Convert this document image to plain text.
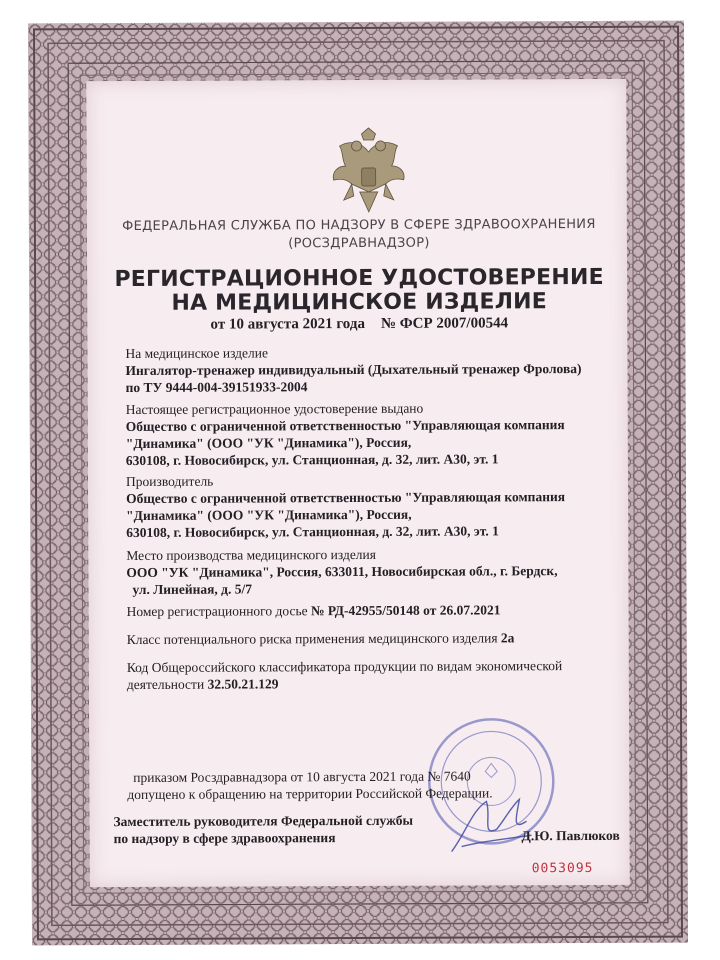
ФЕДЕРАЛЬНАЯ СЛУЖБА ПО НАДЗОРУ В СФЕРЕ ЗДРАВООХРАНЕНИЯ
(РОСЗДРАВНАДЗОР)
РЕГИСТРАЦИОННОЕ УДОСТОВЕРЕНИЕ
НА МЕДИЦИНСКОЕ ИЗДЕЛИЕ
от 10 августа 2021 года № ФСР 2007/00544
На медицинское изделие
Ингалятор-тренажер индивидуальный (Дыхательный тренажер Фролова)
по ТУ 9444-004-39151933-2004
Настоящее регистрационное удостоверение выдано
Общество с ограниченной ответственностью "Управляющая компания
"Динамика" (ООО "УК "Динамика"), Россия,
630108, г. Новосибирск, ул. Станционная, д. 32, лит. А30, эт. 1
Производитель
Общество с ограниченной ответственностью "Управляющая компания
"Динамика" (ООО "УК "Динамика"), Россия,
630108, г. Новосибирск, ул. Станционная, д. 32, лит. А30, эт. 1
Место производства медицинского изделия
ООО "УК "Динамика", Россия, 633011, Новосибирская обл., г. Бердск,
ул. Линейная, д. 5/7
Номер регистрационного досье № РД-42955/50148 от 26.07.2021
Класс потенциального риска применения медицинского изделия 2а
Код Общероссийского классификатора продукции по видам экономической
деятельности 32.50.21.129
приказом Росздравнадзора от 10 августа 2021 года № 7640
допущено к обращению на территории Российской Федерации.
Заместитель руководителя Федеральной службы
по надзору в сфере здравоохранения	Д.Ю. Павлюков
0053095
